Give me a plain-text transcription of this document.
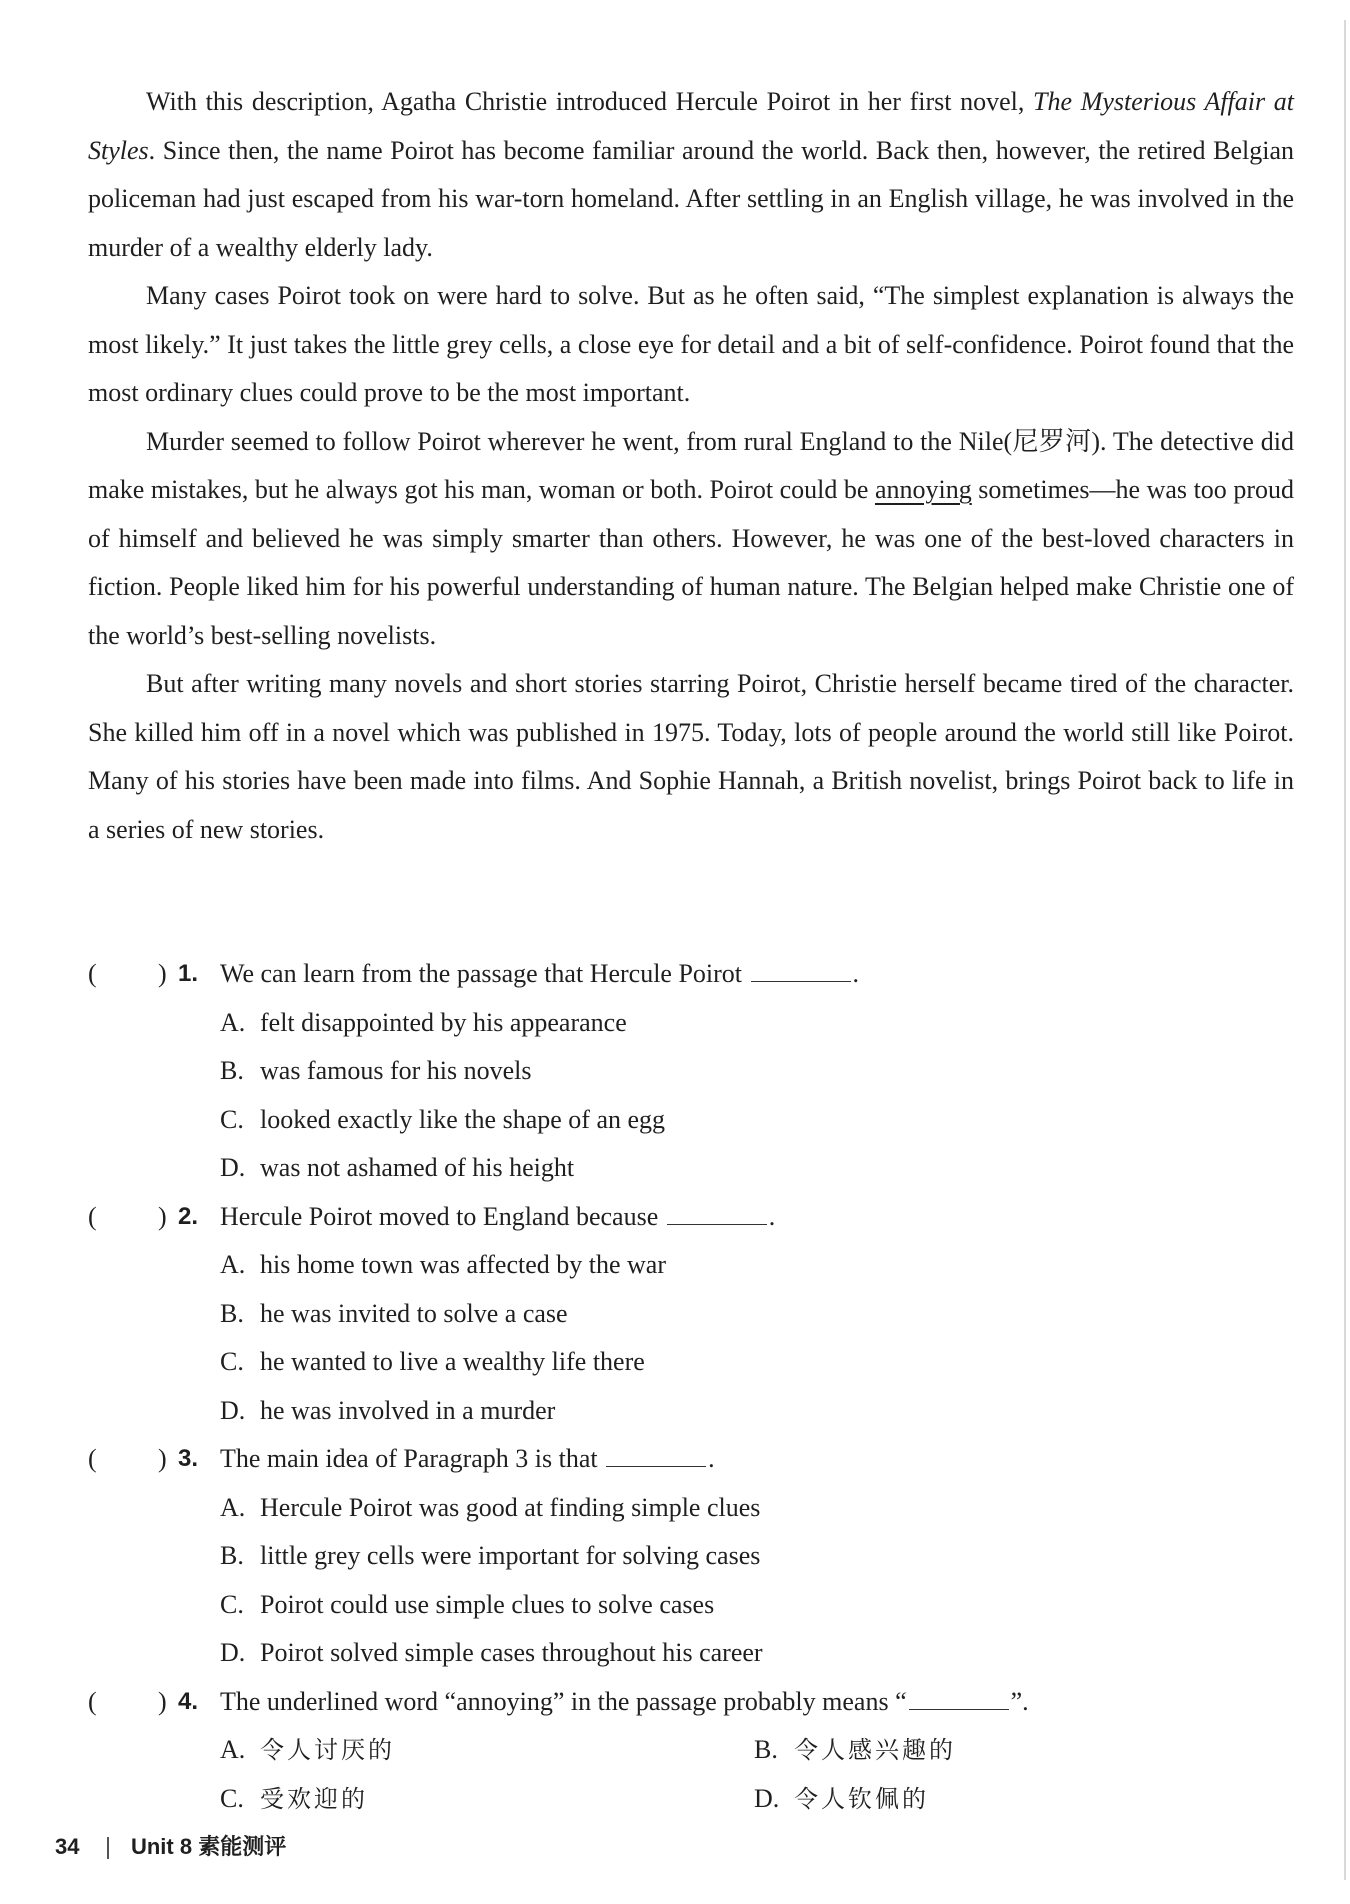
With this description, Agatha Christie introduced Hercule Poirot in her first novel, The Mysterious Affair at Styles. Since then, the name Poirot has become familiar around the world. Back then, however, the retired Belgian policeman had just escaped from his war-torn homeland. After settling in an English village, he was involved in the murder of a wealthy elderly lady.

Many cases Poirot took on were hard to solve. But as he often said, “The simplest explanation is always the most likely.” It just takes the little grey cells, a close eye for detail and a bit of self-confidence. Poirot found that the most ordinary clues could prove to be the most important.

Murder seemed to follow Poirot wherever he went, from rural England to the Nile(尼罗河). The detective did make mistakes, but he always got his man, woman or both. Poirot could be annoying sometimes—he was too proud of himself and believed he was simply smarter than others. However, he was one of the best-loved characters in fiction. People liked him for his powerful understanding of human nature. The Belgian helped make Christie one of the world’s best-selling novelists.

But after writing many novels and short stories starring Poirot, Christie herself became tired of the character. She killed him off in a novel which was published in 1975. Today, lots of people around the world still like Poirot. Many of his stories have been made into films. And Sophie Hannah, a British novelist, brings Poirot back to life in a series of new stories.

( ) 1. We can learn from the passage that Hercule Poirot	.
A. felt disappointed by his appearance
B. was famous for his novels
C. looked exactly like the shape of an egg
D. was not ashamed of his height
( ) 2. Hercule Poirot moved to England because	.
A. his home town was affected by the war
B. he was invited to solve a case
C. he wanted to live a wealthy life there
D. he was involved in a murder
( ) 3. The main idea of Paragraph 3 is that	.
A. Hercule Poirot was good at finding simple clues
B. little grey cells were important for solving cases
C. Poirot could use simple clues to solve cases
D. Poirot solved simple cases throughout his career
( ) 4. The underlined word “annoying” in the passage probably means “	”.
A. 令人讨厌的	B. 令人感兴趣的
C. 受欢迎的	D. 令人钦佩的
34 Unit 8 素能测评
